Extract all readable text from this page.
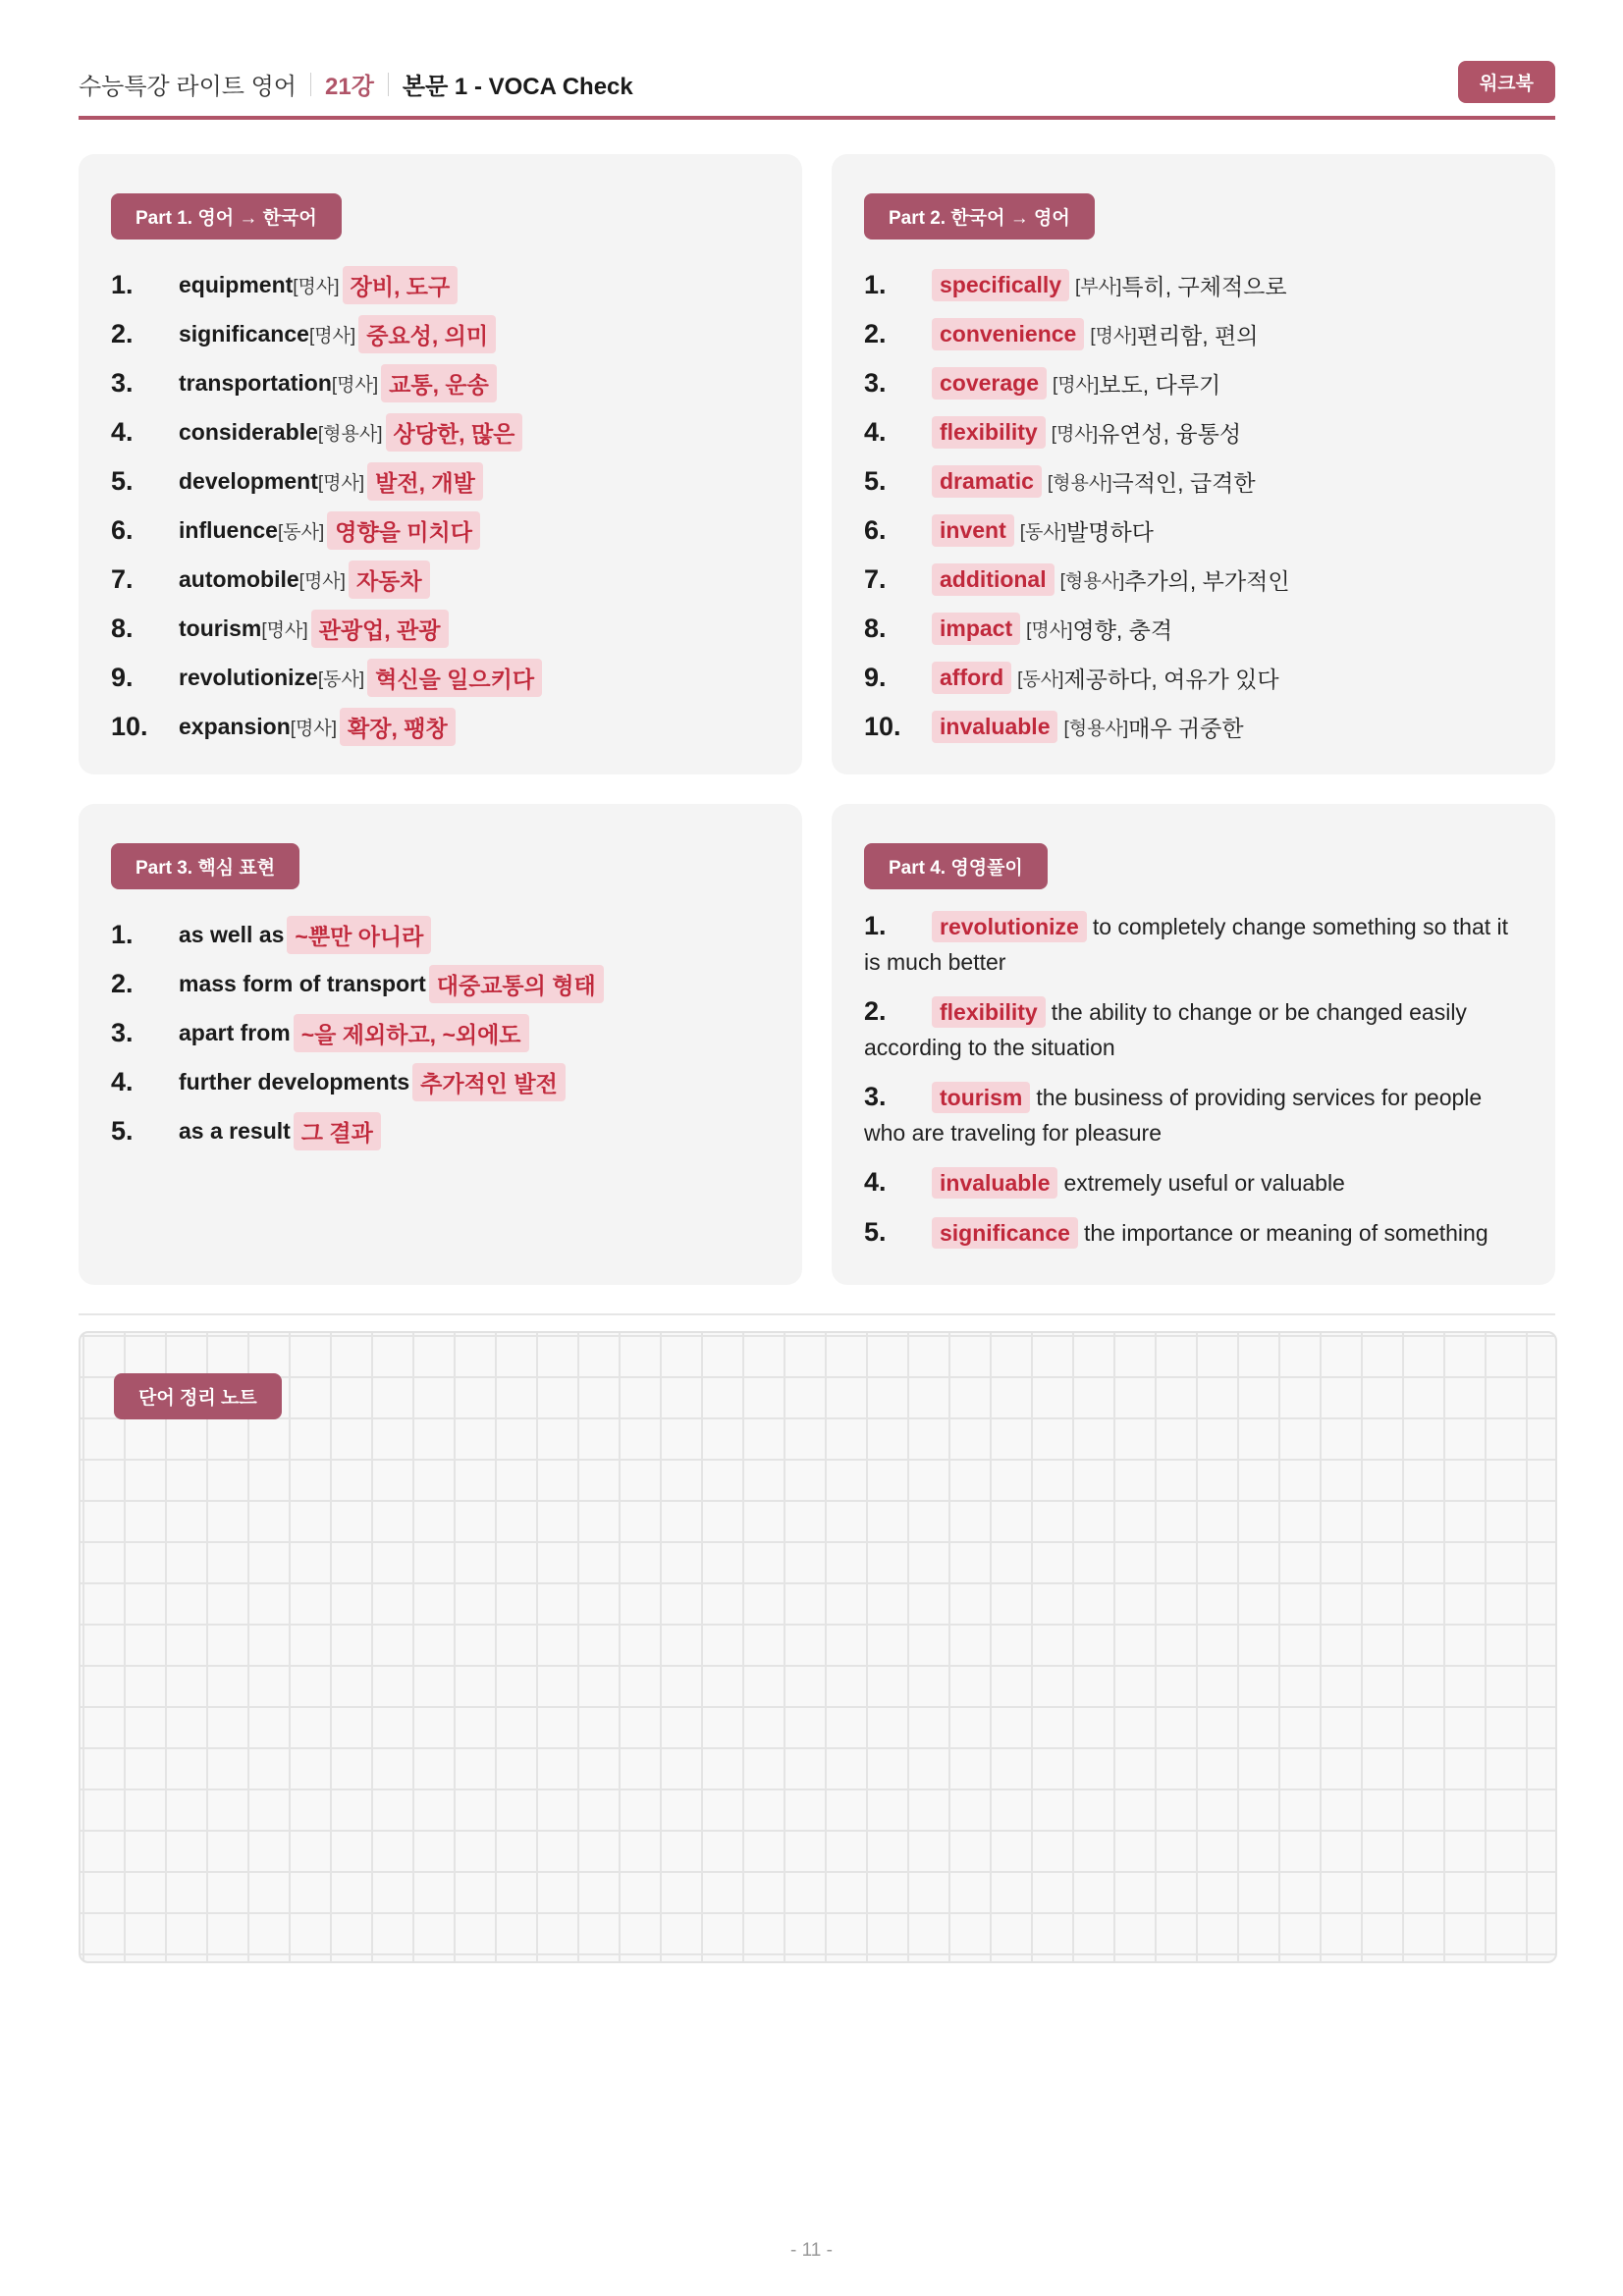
수능특강 라이트 영어 21강 본문 1 - VOCA Check	워크북
Part 1. 영어 → 한국어
1.	equipment [명사] 장비, 도구
2.	significance [명사] 중요성, 의미
3.	transportation [명사] 교통, 운송
4.	considerable [형용사] 상당한, 많은
5.	development [명사] 발전, 개발
6.	influence [동사] 영향을 미치다
7.	automobile [명사] 자동차
8.	tourism [명사] 관광업, 관광
9.	revolutionize [동사] 혁신을 일으키다
10.	expansion [명사] 확장, 팽창
Part 2. 한국어 → 영어
1.	specifically [부사] 특히, 구체적으로
2.	convenience [명사] 편리함, 편의
3.	coverage [명사] 보도, 다루기
4.	flexibility [명사] 유연성, 융통성
5.	dramatic [형용사] 극적인, 급격한
6.	invent [동사] 발명하다
7.	additional [형용사] 추가의, 부가적인
8.	impact [명사] 영향, 충격
9.	afford [동사] 제공하다, 여유가 있다
10.	invaluable [형용사] 매우 귀중한
Part 3. 핵심 표현
1.	as well as ~뿐만 아니라
2.	mass form of transport 대중교통의 형태
3.	apart from ~을 제외하고, ~외에도
4.	further developments 추가적인 발전
5.	as a result 그 결과
Part 4. 영영풀이
1. revolutionize to completely change something so that it is much better
2. flexibility the ability to change or be changed easily according to the situation
3. tourism the business of providing services for people who are traveling for pleasure
4. invaluable extremely useful or valuable
5. significance the importance or meaning of something
단어 정리 노트
- 11 -
